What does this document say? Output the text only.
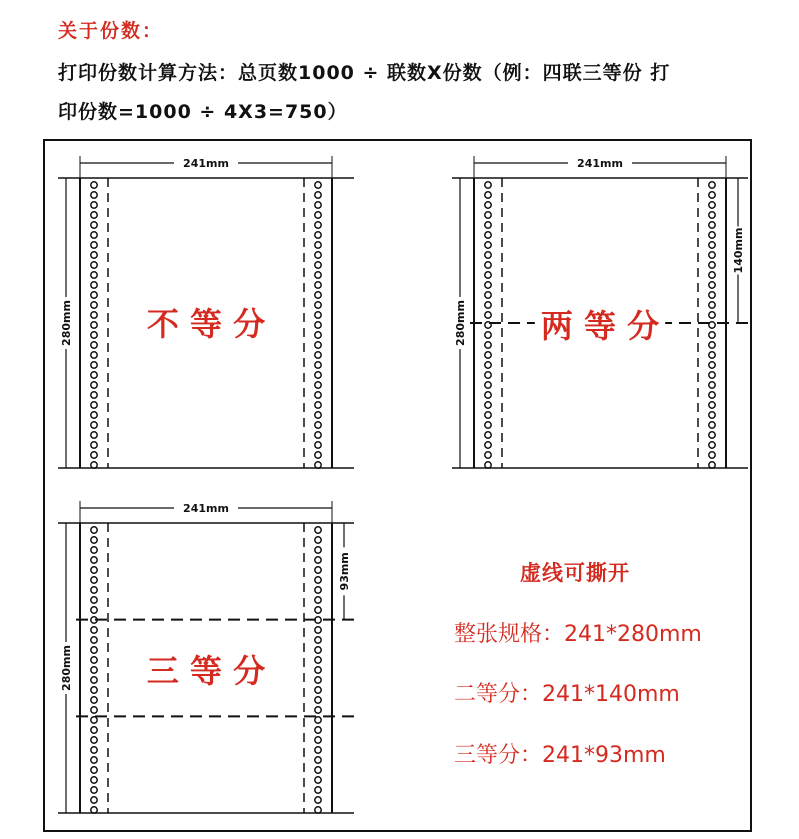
关于份数：
打印份数计算方法：总页数1000 ÷ 联数X份数（例：四联三等份 打
印份数=1000 ÷ 4X3=750）
241mm
280mm 不 等 分
241mm
280mm
140mm
两 等 分
241mm
280mm
93mm
三 等 分
虚线可撕开
整张规格：241*280mm
二等分：241*140mm
三等分：241*93mm
